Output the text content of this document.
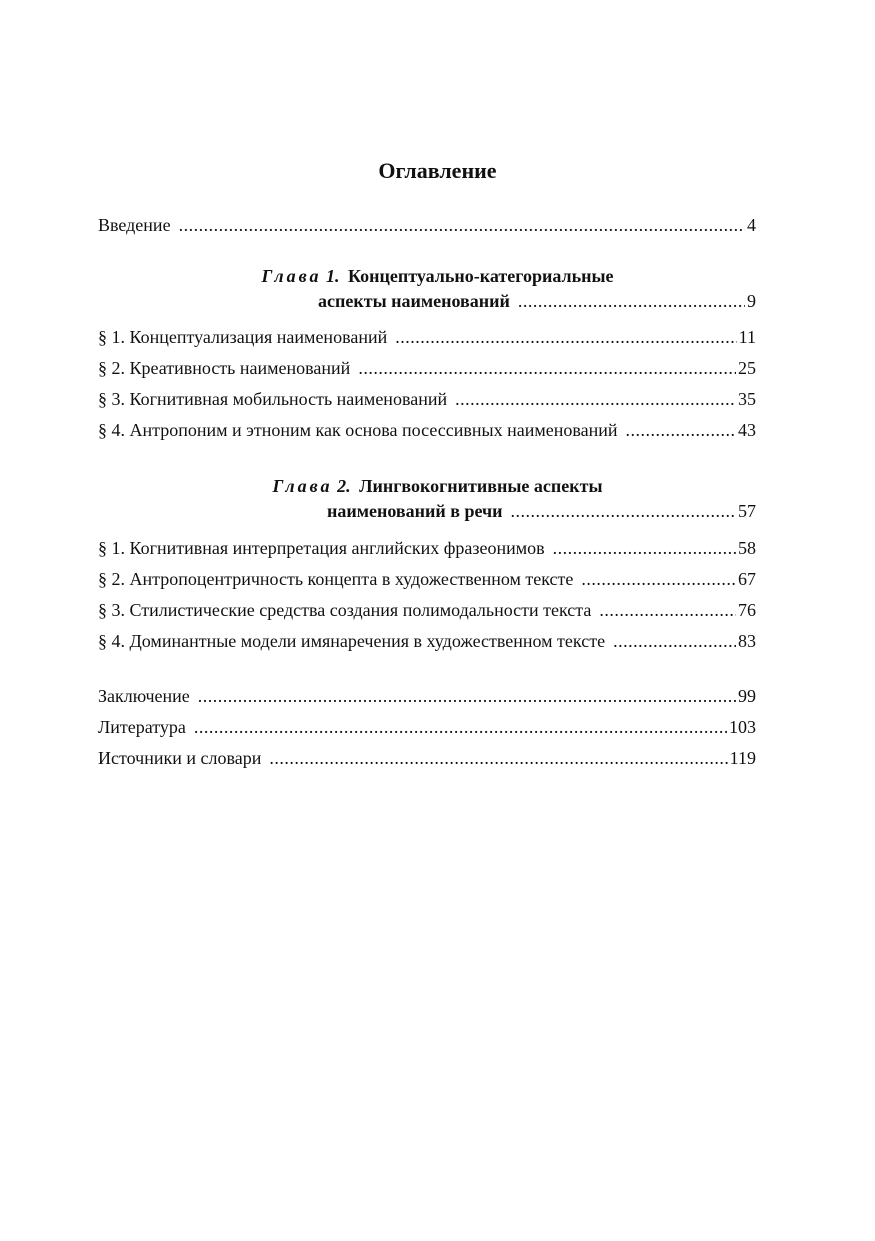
Оглавление
Введение .....	4
Глава 1. Концептуально-категориальные
аспекты наименований .....	9
§ 1. Концептуализация наименований .....	11
§ 2. Креативность наименований .....	25
§ 3. Когнитивная мобильность наименований .....	35
§ 4. Антропоним и этноним как основа посессивных наименований .....	43
Глава 2. Лингвокогнитивные аспекты
наименований в речи .....	57
§ 1. Когнитивная интерпретация английских фразеонимов .....	58
§ 2. Антропоцентричность концепта в художественном тексте .....	67
§ 3. Стилистические средства создания полимодальности текста .....	76
§ 4. Доминантные модели имянаречения в художественном тексте .....	83
Заключение .....	99
Литература .....	103
Источники и словари .....	119
